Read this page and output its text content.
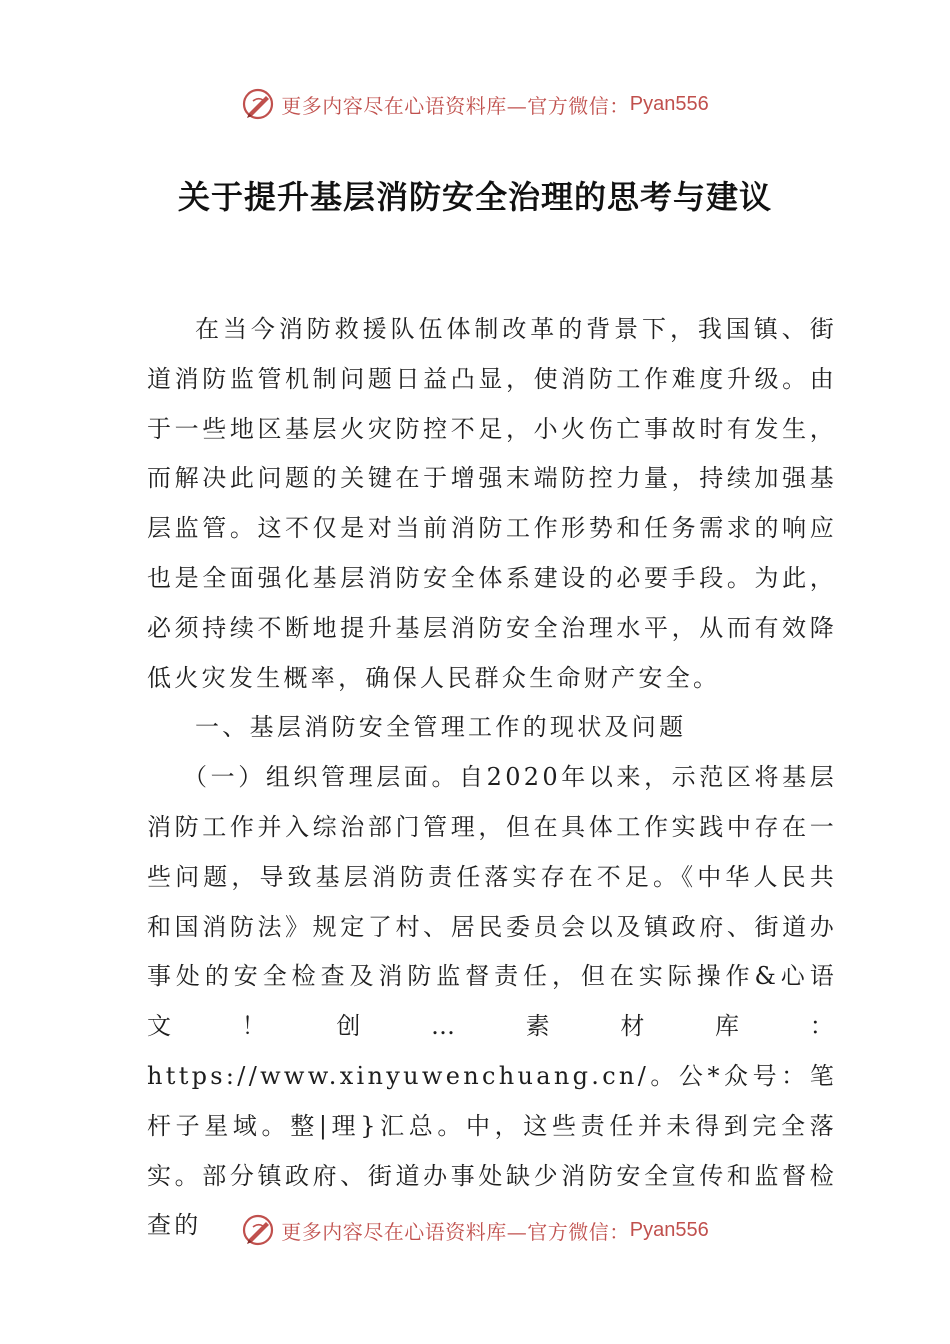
更多内容尽在心语资料库—官方微信： Pyan556
关于提升基层消防安全治理的思考与建议

在当今消防救援队伍体制改革的背景下，我国镇、街道消防监管机制问题日益凸显，使消防工作难度升级。由于一些地区基层火灾防控不足，小火伤亡事故时有发生，而解决此问题的关键在于增强末端防控力量，持续加强基层监管。这不仅是对当前消防工作形势和任务需求的响应也是全面强化基层消防安全体系建设的必要手段。为此，必须持续不断地提升基层消防安全治理水平，从而有效降低火灾发生概率，确保人民群众生命财产安全。

一、基层消防安全管理工作的现状及问题

（一）组织管理层面。自2020年以来，示范区将基层消防工作并入综治部门管理，但在具体工作实践中存在一些问题，导致基层消防责任落实存在不足。《中华人民共和国消防法》规定了村、居民委员会以及镇政府、街道办事处的安全检查及消防监督责任，但在实际操作&心语文！创…素材库：https://www.xinyuwenchuang.cn/。公*众号：笔杆子星域。整|理}汇总。中，这些责任并未得到完全落实。部分镇政府、街道办事处缺少消防安全宣传和监督检查的	更多内容尽在心语资料库—官方微信： Pyan556
